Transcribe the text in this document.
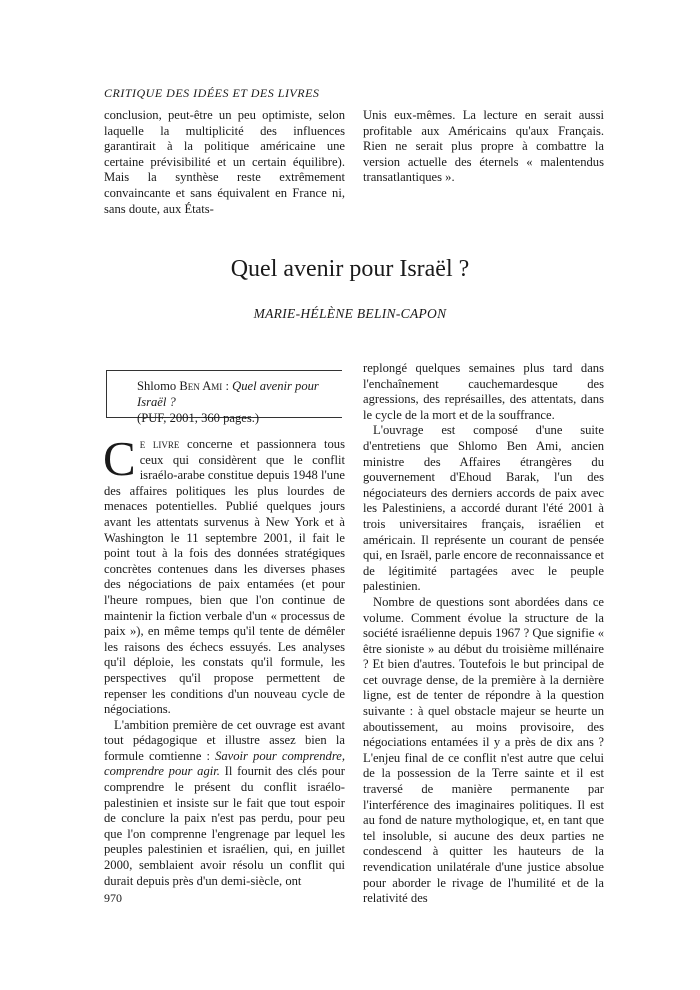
CRITIQUE DES IDÉES ET DES LIVRES

conclusion, peut-être un peu optimiste, selon laquelle la multiplicité des influences garantirait à la politique américaine une certaine prévisibilité et un certain équilibre). Mais la synthèse reste extrêmement convaincante et sans équivalent en France ni, sans doute, aux États-

Unis eux-mêmes. La lecture en serait aussi profitable aux Américains qu'aux Français. Rien ne serait plus propre à combattre la version actuelle des éternels « malentendus transatlantiques ».

Quel avenir pour Israël ?
MARIE-HÉLÈNE BELIN-CAPON
Shlomo Ben Ami : Quel avenir pour Israël ?
(PUF, 2001, 360 pages.)

Ce livre concerne et passionnera tous ceux qui considèrent que le conflit israélo-arabe constitue depuis 1948 l'une des affaires politiques les plus lourdes de menaces potentielles. Publié quelques jours avant les attentats survenus à New York et à Washington le 11 septembre 2001, il fait le point tout à la fois des données stratégiques concrètes contenues dans les diverses phases des négociations de paix entamées (et pour l'heure rompues, bien que l'on continue de maintenir la fiction verbale d'un « processus de paix »), en même temps qu'il tente de démêler les raisons des échecs essuyés. Les analyses qu'il déploie, les constats qu'il formule, les perspectives qu'il propose permettent de repenser les conditions d'un nouveau cycle de négociations.

L'ambition première de cet ouvrage est avant tout pédagogique et illustre assez bien la formule comtienne : Savoir pour comprendre, comprendre pour agir. Il fournit des clés pour comprendre le présent du conflit israélo-palestinien et insiste sur le fait que tout espoir de conclure la paix n'est pas perdu, pour peu que l'on comprenne l'engrenage par lequel les peuples palestinien et israélien, qui, en juillet 2000, semblaient avoir résolu un conflit qui durait depuis près d'un demi-siècle, ont

replongé quelques semaines plus tard dans l'enchaînement cauchemardesque des agressions, des représailles, des attentats, dans le cycle de la mort et de la souffrance.

L'ouvrage est composé d'une suite d'entretiens que Shlomo Ben Ami, ancien ministre des Affaires étrangères du gouvernement d'Ehoud Barak, l'un des négociateurs des derniers accords de paix avec les Palestiniens, a accordé durant l'été 2001 à trois universitaires français, israélien et américain. Il représente un courant de pensée qui, en Israël, parle encore de reconnaissance et de légitimité partagées avec le peuple palestinien.

Nombre de questions sont abordées dans ce volume. Comment évolue la structure de la société israélienne depuis 1967 ? Que signifie « être sioniste » au début du troisième millénaire ? Et bien d'autres. Toutefois le but principal de cet ouvrage dense, de la première à la dernière ligne, est de tenter de répondre à la question suivante : à quel obstacle majeur se heurte un aboutissement, au moins provisoire, des négociations entamées il y a près de dix ans ? L'enjeu final de ce conflit n'est autre que celui de la possession de la Terre sainte et il est traversé de manière permanente par l'interférence des imaginaires politiques. Il est au fond de nature mythologique, et, en tant que tel insoluble, si aucune des deux parties ne condescend à quitter les hauteurs de la revendication unilatérale d'une justice absolue pour aborder le rivage de l'humilité et de la relativité des

970
